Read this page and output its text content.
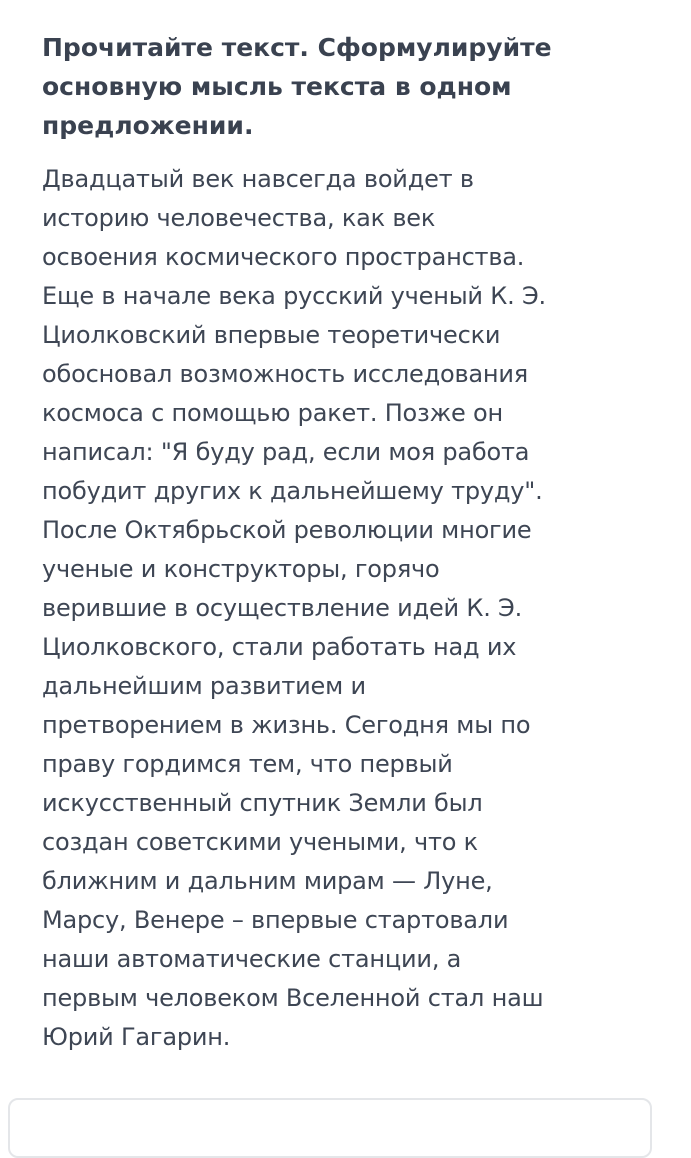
Прочитайте текст. Сформулируйте основную мысль текста в одном предложении.
Двадцатый век навсегда войдет в
историю человечества, как век
освоения космического пространства.
Еще в начале века русский ученый К. Э.
Циолковский впервые теоретически
обосновал возможность исследования
космоса с помощью ракет. Позже он
написал: "Я буду рад, если моя работа
побудит других к дальнейшему труду".
После Октябрьской революции многие
ученые и конструкторы, горячо
верившие в осуществление идей К. Э.
Циолковского, стали работать над их
дальнейшим развитием и
претворением в жизнь. Сегодня мы по
праву гордимся тем, что первый
искусственный спутник Земли был
создан советскими учеными, что к
ближним и дальним мирам — Луне,
Марсу, Венере – впервые стартовали
наши автоматические станции, а
первым человеком Вселенной стал наш
Юрий Гагарин.
